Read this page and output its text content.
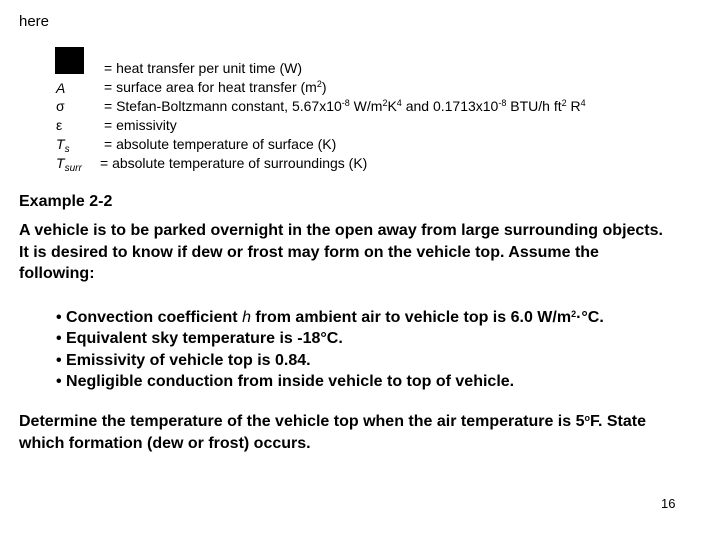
here
= heat transfer per unit time (W)
A	= surface area for heat transfer $(m^2)$
σ	= Stefan-Boltzmann constant, $5.67x10^{-8}$ $W/m^2K^4$ and $0.1713x10^{-8}$ BTU/h $ft^2$ $R^4$
ε	= emissivity
$T_s$ = absolute temperature of surface (K)
$T_{surr}$ = absolute temperature of surroundings (K)
Example 2-2
A vehicle is to be parked overnight in the open away from large surrounding objects.
It is desired to know if dew or frost may form on the vehicle top. Assume the
following:
• Convection coefficient h from ambient air to vehicle top is 6.0 $W/m^2\cdot^\circ C$.
• Equivalent sky temperature is -18°C.
• Emissivity of vehicle top is 0.84.
• Negligible conduction from inside vehicle to top of vehicle.
Determine the temperature of the vehicle top when the air temperature is 5$^o$F. State
which formation (dew or frost) occurs.
16
